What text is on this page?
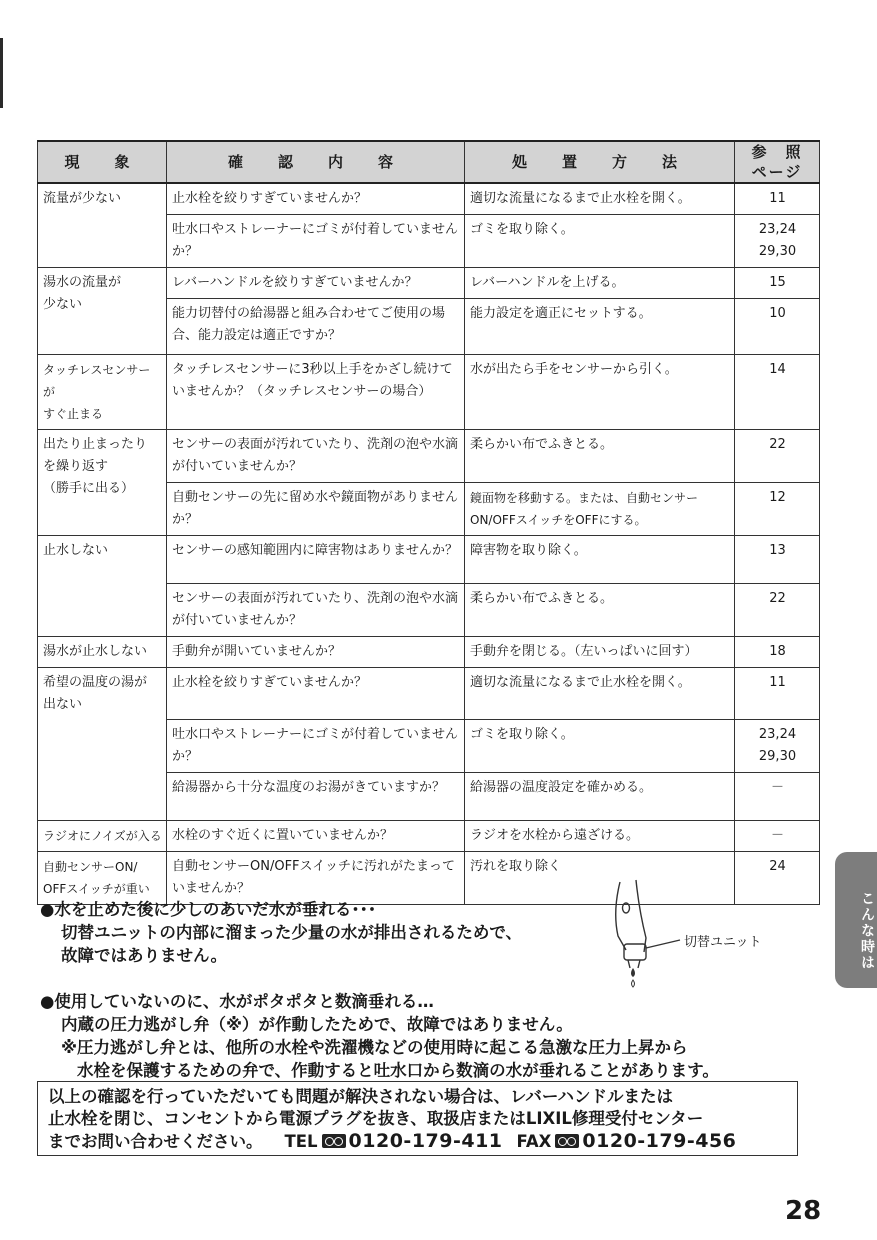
現　象	確　認　内　容	処　置　方　法	参　照
ページ
流量が少ない	止水栓を絞りすぎていませんか？	適切な流量になるまで止水栓を開く。	11
	吐水口やストレーナーにゴミが付着していませんか？	ゴミを取り除く。	23,24
29,30

湯水の流量が
少ない	レバーハンドルを絞りすぎていませんか？	レバーハンドルを上げる。	15
	能力切替付の給湯器と組み合わせてご使用の場合、能力設定は適正ですか？	能力設定を適正にセットする。	10
タッチレスセンサーが
すぐ止まる	タッチレスセンサーに3秒以上手をかざし続けていませんか？（タッチレスセンサーの場合）	水が出たら手をセンサーから引く。	14
出たり止まったり
を繰り返す
（勝手に出る）	センサーの表面が汚れていたり、洗剤の泡や水滴が付いていませんか？	柔らかい布でふきとる。	22
	自動センサーの先に留め水や鏡面物がありませんか？	鏡面物を移動する。または、自動センサーON/OFFスイッチをOFFにする。	12
止水しない	センサーの感知範囲内に障害物はありませんか？	障害物を取り除く。	13
	センサーの表面が汚れていたり、洗剤の泡や水滴が付いていませんか？	柔らかい布でふきとる。	22
湯水が止水しない	手動弁が開いていませんか？	手動弁を閉じる。（左いっぱいに回す）	18
希望の温度の湯が
出ない	止水栓を絞りすぎていませんか？	適切な流量になるまで止水栓を開く。	11
	吐水口やストレーナーにゴミが付着していませんか？	ゴミを取り除く。	23,24
29,30

	給湯器から十分な温度のお湯がきていますか？	給湯器の温度設定を確かめる。	－
ラジオにノイズが入る	水栓のすぐ近くに置いていませんか？	ラジオを水栓から遠ざける。	－
自動センサーON/
OFFスイッチが重い	自動センサーON/OFFスイッチに汚れがたまっていませんか？	汚れを取り除く	24
●水を止めた後に少しのあいだ水が垂れる･･･
切替ユニットの内部に溜まった少量の水が排出されるためで、
故障ではありません。
切替ユニット
●使用していないのに、水がポタポタと数滴垂れる…
内蔵の圧力逃がし弁（※）が作動したためで、故障ではありません。
※圧力逃がし弁とは、他所の水栓や洗濯機などの使用時に起こる急激な圧力上昇から
水栓を保護するための弁で、作動すると吐水口から数滴の水が垂れることがあります。
以上の確認を行っていただいても問題が解決されない場合は、レバーハンドルまたは
止水栓を閉じ、コンセントから電源プラグを抜き、取扱店またはLIXIL修理受付センター
までお問い合わせください。 TEL 0120-179-411 FAX 0120-179-456
こんな時は
28
